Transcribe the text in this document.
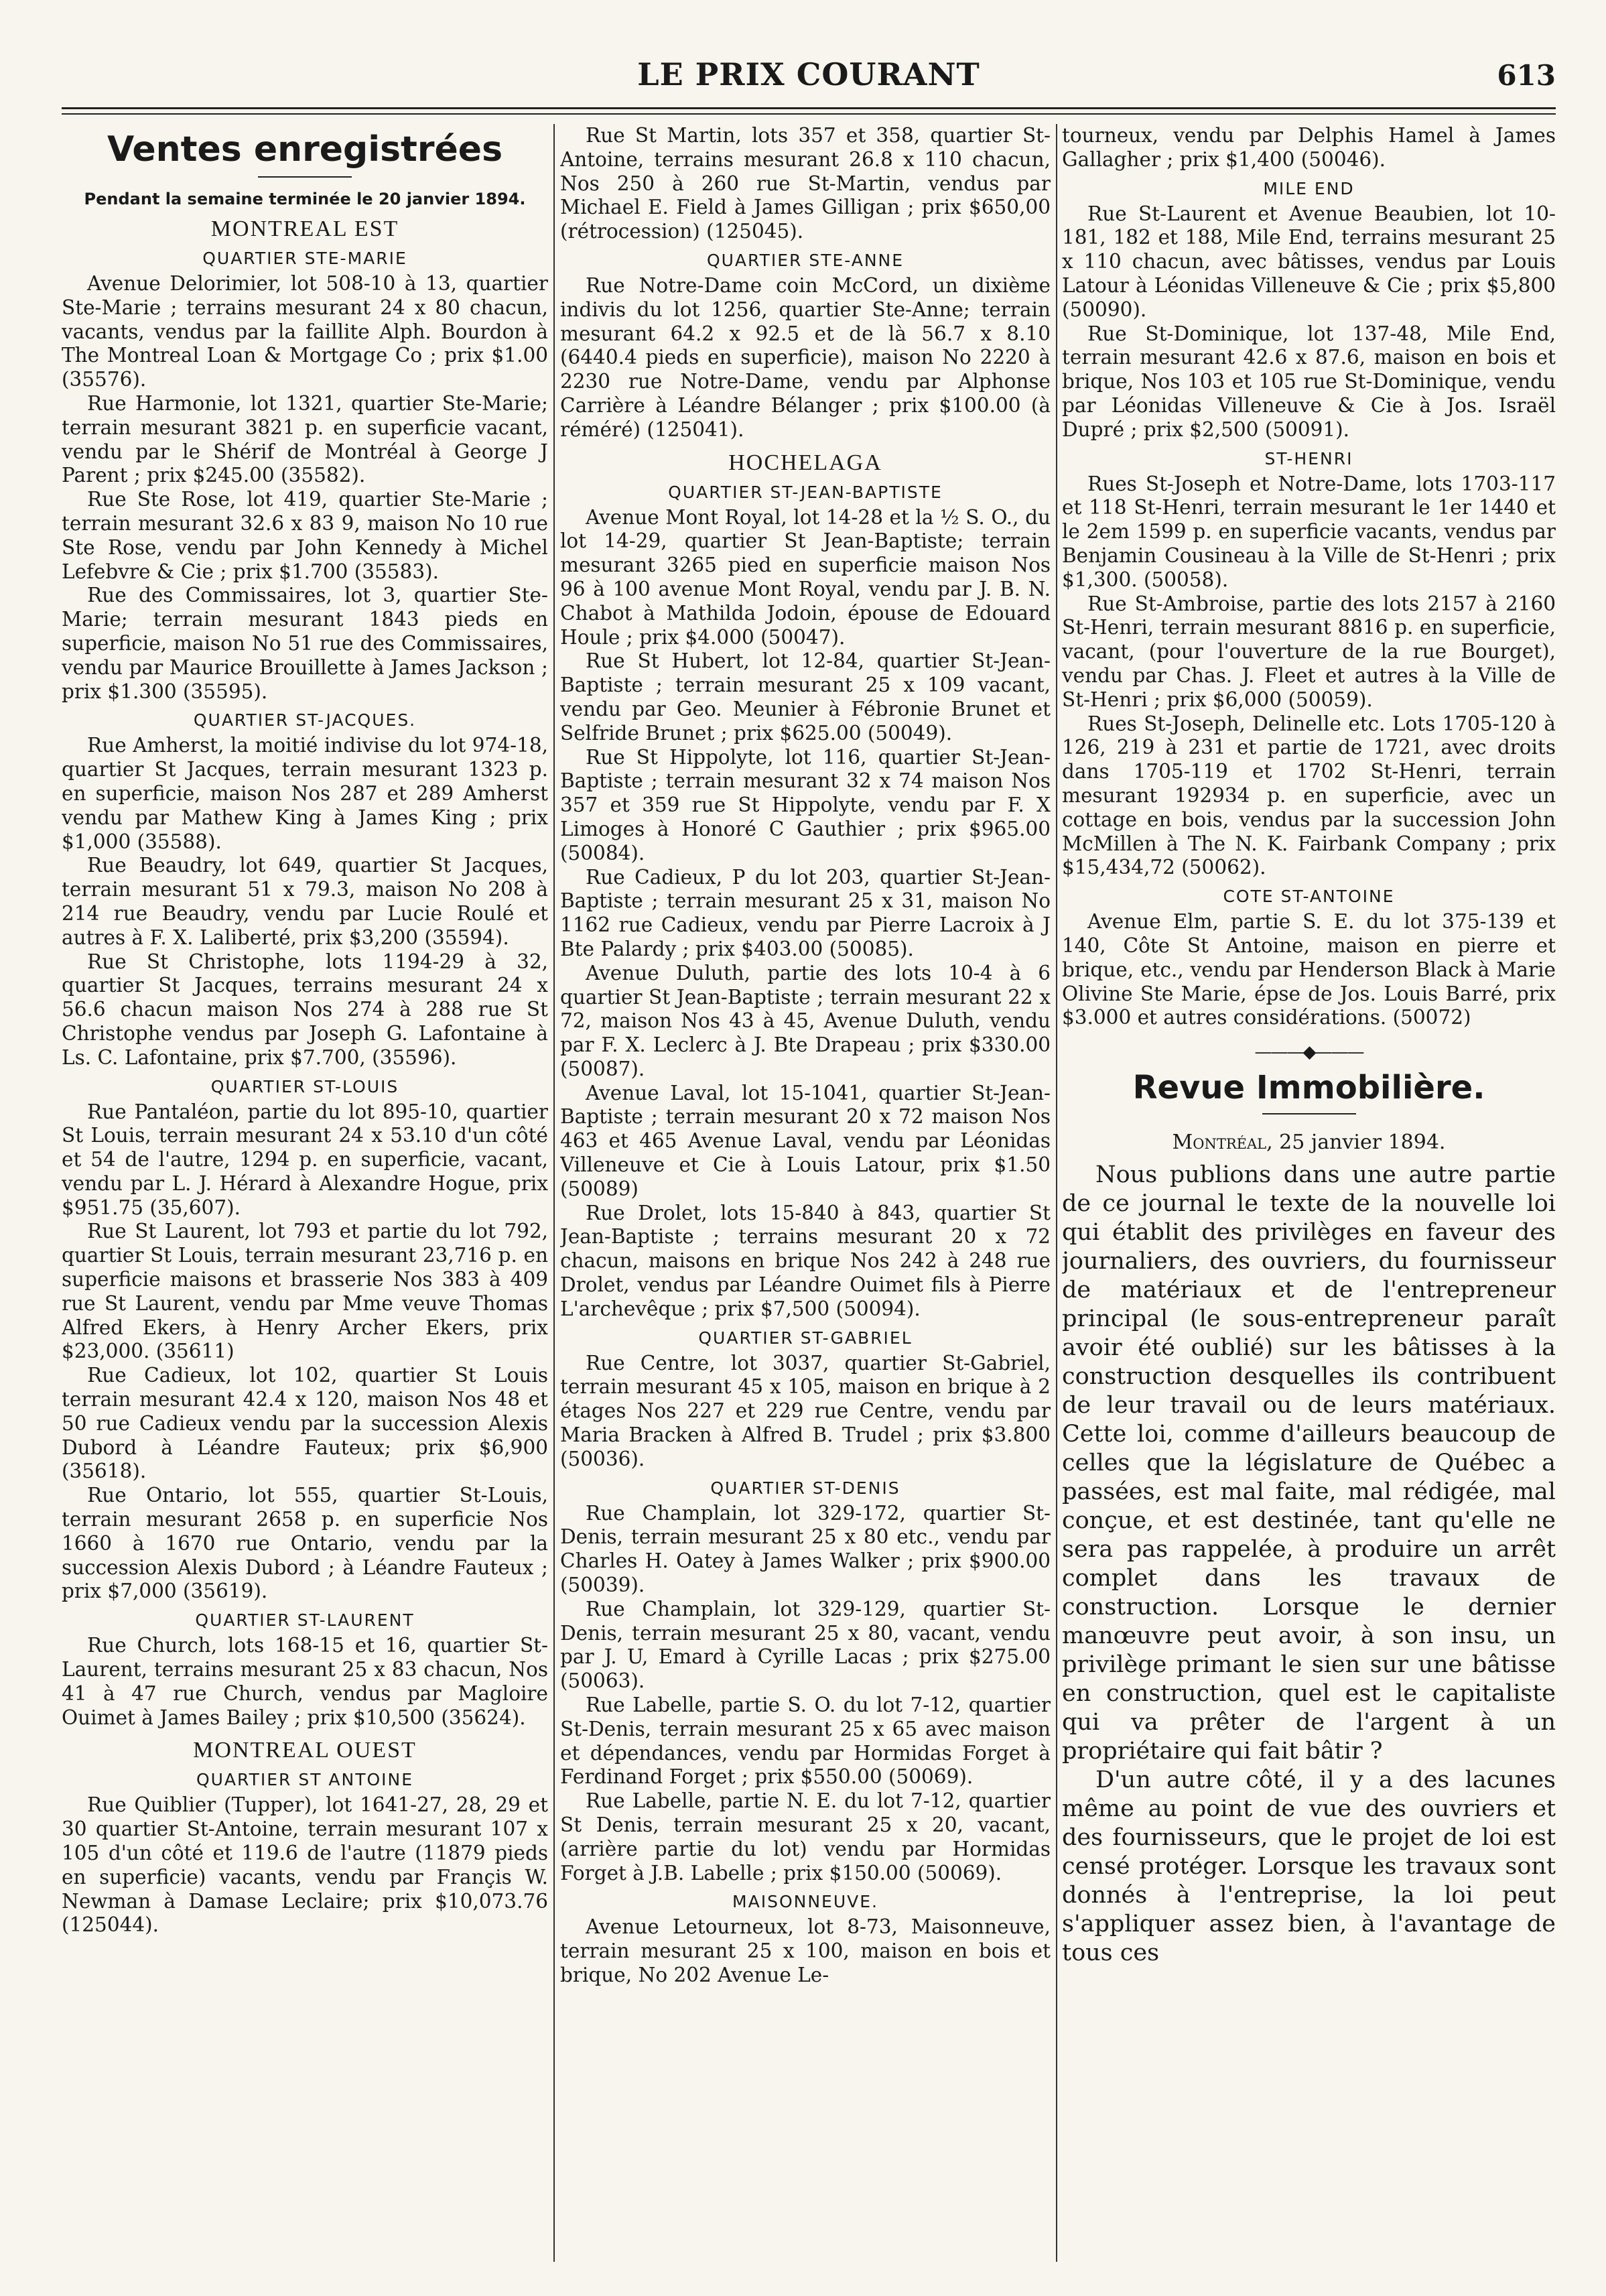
LE PRIX COURANT	613
Ventes enregistrées
Pendant la semaine terminée le 20 janvier 1894.
MONTREAL EST
QUARTIER STE-MARIE

Avenue Delorimier, lot 508-10 à 13, quartier Ste-Marie ; terrains mesurant 24 x 80 chacun, vacants, vendus par la faillite Alph. Bourdon à The Montreal Loan & Mortgage Co ; prix $1.00 (35576).

Rue Harmonie, lot 1321, quartier Ste-Marie; terrain mesurant 3821 p. en superficie vacant, vendu par le Shérif de Montréal à George J Parent ; prix $245.00 (35582).

Rue Ste Rose, lot 419, quartier Ste-Marie ; terrain mesurant 32.6 x 83 9, maison No 10 rue Ste Rose, vendu par John Kennedy à Michel Lefebvre & Cie ; prix $1.700 (35583).

Rue des Commissaires, lot 3, quartier Ste-Marie; terrain mesurant 1843 pieds en superficie, maison No 51 rue des Commissaires, vendu par Maurice Brouillette à James Jackson ; prix $1.300 (35595).

QUARTIER ST-JACQUES.

Rue Amherst, la moitié indivise du lot 974-18, quartier St Jacques, terrain mesurant 1323 p. en superficie, maison Nos 287 et 289 Amherst vendu par Mathew King à James King ; prix $1,000 (35588).

Rue Beaudry, lot 649, quartier St Jacques, terrain mesurant 51 x 79.3, maison No 208 à 214 rue Beaudry, vendu par Lucie Roulé et autres à F. X. Laliberté, prix $3,200 (35594).

Rue St Christophe, lots 1194-29 à 32, quartier St Jacques, terrains mesurant 24 x 56.6 chacun maison Nos 274 à 288 rue St Christophe vendus par Joseph G. Lafontaine à Ls. C. Lafontaine, prix $7.700, (35596).

QUARTIER ST-LOUIS

Rue Pantaléon, partie du lot 895-10, quartier St Louis, terrain mesurant 24 x 53.10 d'un côté et 54 de l'autre, 1294 p. en superficie, vacant, vendu par L. J. Hérard à Alexandre Hogue, prix $951.75 (35,607).

Rue St Laurent, lot 793 et partie du lot 792, quartier St Louis, terrain mesurant 23,716 p. en superficie maisons et brasserie Nos 383 à 409 rue St Laurent, vendu par Mme veuve Thomas Alfred Ekers, à Henry Archer Ekers, prix $23,000. (35611)

Rue Cadieux, lot 102, quartier St Louis terrain mesurant 42.4 x 120, maison Nos 48 et 50 rue Cadieux vendu par la succession Alexis Dubord à Léandre Fauteux; prix $6,900 (35618).

Rue Ontario, lot 555, quartier St-Louis, terrain mesurant 2658 p. en superficie Nos 1660 à 1670 rue Ontario, vendu par la succession Alexis Dubord ; à Léandre Fauteux ; prix $7,000 (35619).

QUARTIER ST-LAURENT

Rue Church, lots 168-15 et 16, quartier St-Laurent, terrains mesurant 25 x 83 chacun, Nos 41 à 47 rue Church, vendus par Magloire Ouimet à James Bailey ; prix $10,500 (35624).

MONTREAL OUEST
QUARTIER ST ANTOINE

Rue Quiblier (Tupper), lot 1641-27, 28, 29 et 30 quartier St-Antoine, terrain mesurant 107 x 105 d'un côté et 119.6 de l'autre (11879 pieds en superficie) vacants, vendu par Françis W. Newman à Damase Leclaire; prix $10,073.76 (125044).

Rue St Martin, lots 357 et 358, quartier St-Antoine, terrains mesurant 26.8 x 110 chacun, Nos 250 à 260 rue St-Martin, vendus par Michael E. Field à James Gilligan ; prix $650,00 (rétrocession) (125045).

QUARTIER STE-ANNE

Rue Notre-Dame coin McCord, un dixième indivis du lot 1256, quartier Ste-Anne; terrain mesurant 64.2 x 92.5 et de là 56.7 x 8.10 (6440.4 pieds en superficie), maison No 2220 à 2230 rue Notre-Dame, vendu par Alphonse Carrière à Léandre Bélanger ; prix $100.00 (à réméré) (125041).

HOCHELAGA
QUARTIER ST-JEAN-BAPTISTE

Avenue Mont Royal, lot 14-28 et la ½ S. O., du lot 14-29, quartier St Jean-Baptiste; terrain mesurant 3265 pied en superficie maison Nos 96 à 100 avenue Mont Royal, vendu par J. B. N. Chabot à Mathilda Jodoin, épouse de Edouard Houle ; prix $4.000 (50047).

Rue St Hubert, lot 12-84, quartier St-Jean-Baptiste ; terrain mesurant 25 x 109 vacant, vendu par Geo. Meunier à Fébronie Brunet et Selfride Brunet ; prix $625.00 (50049).

Rue St Hippolyte, lot 116, quartier St-Jean-Baptiste ; terrain mesurant 32 x 74 maison Nos 357 et 359 rue St Hippolyte, vendu par F. X Limoges à Honoré C Gauthier ; prix $965.00 (50084).

Rue Cadieux, P du lot 203, quartier St-Jean-Baptiste ; terrain mesurant 25 x 31, maison No 1162 rue Cadieux, vendu par Pierre Lacroix à J Bte Palardy ; prix $403.00 (50085).

Avenue Duluth, partie des lots 10-4 à 6 quartier St Jean-Baptiste ; terrain mesurant 22 x 72, maison Nos 43 à 45, Avenue Duluth, vendu par F. X. Leclerc à J. Bte Drapeau ; prix $330.00 (50087).

Avenue Laval, lot 15-1041, quartier St-Jean-Baptiste ; terrain mesurant 20 x 72 maison Nos 463 et 465 Avenue Laval, vendu par Léonidas Villeneuve et Cie à Louis Latour, prix $1.50 (50089)

Rue Drolet, lots 15-840 à 843, quartier St Jean-Baptiste ; terrains mesurant 20 x 72 chacun, maisons en brique Nos 242 à 248 rue Drolet, vendus par Léandre Ouimet fils à Pierre L'archevêque ; prix $7,500 (50094).

QUARTIER ST-GABRIEL

Rue Centre, lot 3037, quartier St-Gabriel, terrain mesurant 45 x 105, maison en brique à 2 étages Nos 227 et 229 rue Centre, vendu par Maria Bracken à Alfred B. Trudel ; prix $3.800 (50036).

QUARTIER ST-DENIS

Rue Champlain, lot 329-172, quartier St-Denis, terrain mesurant 25 x 80 etc., vendu par Charles H. Oatey à James Walker ; prix $900.00 (50039).

Rue Champlain, lot 329-129, quartier St-Denis, terrain mesurant 25 x 80, vacant, vendu par J. U, Emard à Cyrille Lacas ; prix $275.00 (50063).

Rue Labelle, partie S. O. du lot 7-12, quartier St-Denis, terrain mesurant 25 x 65 avec maison et dépendances, vendu par Hormidas Forget à Ferdinand Forget ; prix $550.00 (50069).

Rue Labelle, partie N. E. du lot 7-12, quartier St Denis, terrain mesurant 25 x 20, vacant, (arrière partie du lot) vendu par Hormidas Forget à J.B. Labelle ; prix $150.00 (50069).

MAISONNEUVE.

Avenue Letourneux, lot 8-73, Maisonneuve, terrain mesurant 25 x 100, maison en bois et brique, No 202 Avenue Le-

tourneux, vendu par Delphis Hamel à James Gallagher ; prix $1,400 (50046).

MILE END

Rue St-Laurent et Avenue Beaubien, lot 10-181, 182 et 188, Mile End, terrains mesurant 25 x 110 chacun, avec bâtisses, vendus par Louis Latour à Léonidas Villeneuve & Cie ; prix $5,800 (50090).

Rue St-Dominique, lot 137-48, Mile End, terrain mesurant 42.6 x 87.6, maison en bois et brique, Nos 103 et 105 rue St-Dominique, vendu par Léonidas Villeneuve & Cie à Jos. Israël Dupré ; prix $2,500 (50091).

ST-HENRI

Rues St-Joseph et Notre-Dame, lots 1703-117 et 118 St-Henri, terrain mesurant le 1er 1440 et le 2em 1599 p. en superficie vacants, vendus par Benjamin Cousineau à la Ville de St-Henri ; prix $1,300. (50058).

Rue St-Ambroise, partie des lots 2157 à 2160 St-Henri, terrain mesurant 8816 p. en superficie, vacant, (pour l'ouverture de la rue Bourget), vendu par Chas. J. Fleet et autres à la Ville de St-Henri ; prix $6,000 (50059).

Rues St-Joseph, Delinelle etc. Lots 1705-120 à 126, 219 à 231 et partie de 1721, avec droits dans 1705-119 et 1702 St-Henri, terrain mesurant 192934 p. en superficie, avec un cottage en bois, vendus par la succession John McMillen à The N. K. Fairbank Company ; prix $15,434,72 (50062).

COTE ST-ANTOINE

Avenue Elm, partie S. E. du lot 375-139 et 140, Côte St Antoine, maison en pierre et brique, etc., vendu par Henderson Black à Marie Olivine Ste Marie, épse de Jos. Louis Barré, prix $3.000 et autres considérations. (50072)

———◆———
Revue Immobilière.
Montréal, 25 janvier 1894.

Nous publions dans une autre partie de ce journal le texte de la nouvelle loi qui établit des privilèges en faveur des journaliers, des ouvriers, du fournisseur de matériaux et de l'entrepreneur principal (le sous-entrepreneur paraît avoir été oublié) sur les bâtisses à la construction desquelles ils contribuent de leur travail ou de leurs matériaux. Cette loi, comme d'ailleurs beaucoup de celles que la législature de Québec a passées, est mal faite, mal rédigée, mal conçue, et est destinée, tant qu'elle ne sera pas rappelée, à produire un arrêt complet dans les travaux de construction. Lorsque le dernier manœuvre peut avoir, à son insu, un privilège primant le sien sur une bâtisse en construction, quel est le capitaliste qui va prêter de l'argent à un propriétaire qui fait bâtir ?

D'un autre côté, il y a des lacunes même au point de vue des ouvriers et des fournisseurs, que le projet de loi est censé protéger. Lorsque les travaux sont donnés à l'entreprise, la loi peut s'appliquer assez bien, à l'avantage de tous ces
